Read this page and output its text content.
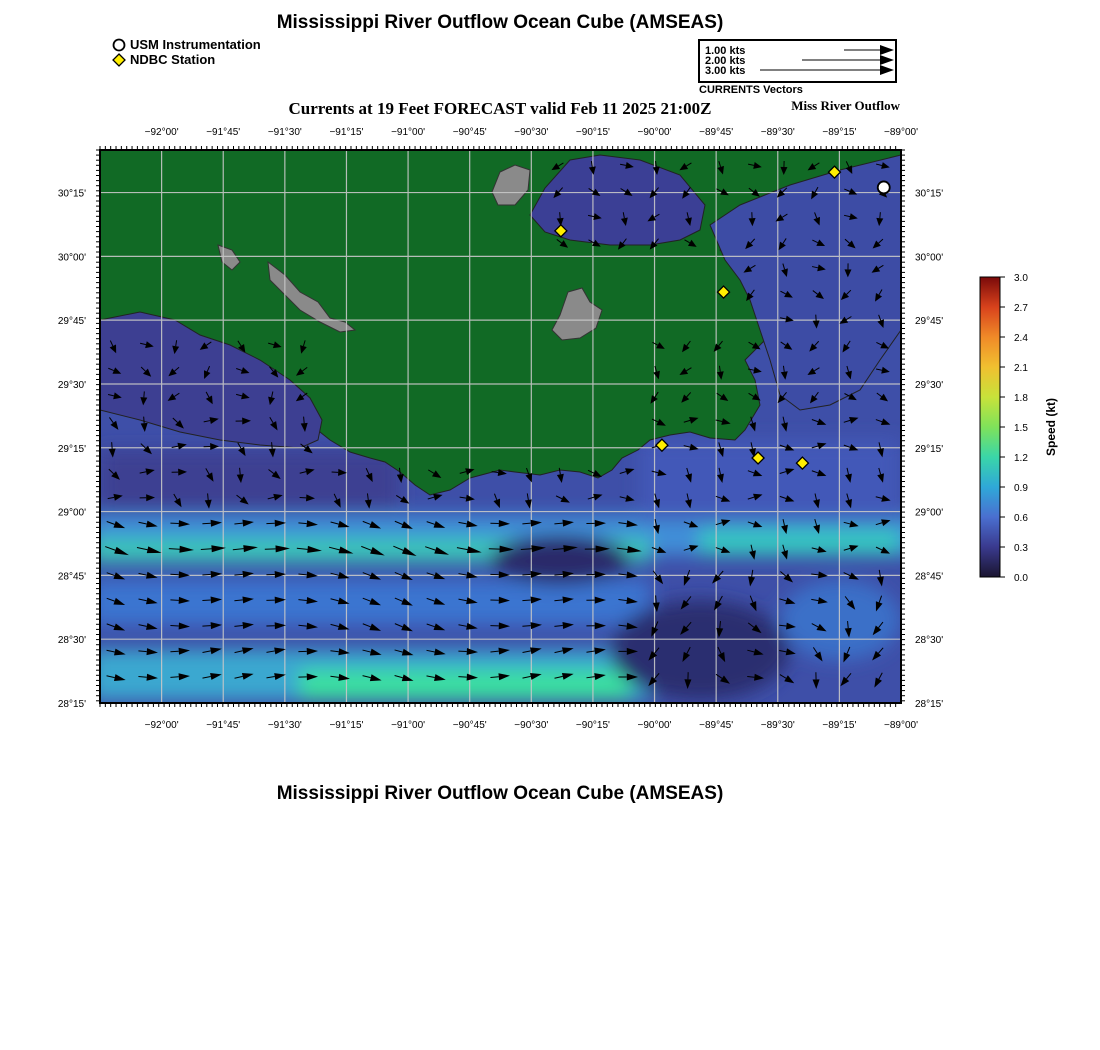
Mississippi River Outflow Ocean Cube (AMSEAS)
USM Instrumentation
NDBC Station
1.00 kts
2.00 kts
3.00 kts
CURRENTS Vectors
Currents at 19 Feet FORECAST valid Feb 11 2025 21:00Z	Miss River Outflow
−92°00'
−92°00'
−91°45'
−91°45'
−91°30'
−91°30'
−91°15'
−91°15'
−91°00'
−91°00'
−90°45'
−90°45'
−90°30'
−90°30'
−90°15'
−90°15'
−90°00'
−90°00'
−89°45'
−89°45'
−89°30'
−89°30'
−89°15'
−89°15'
−89°00'
−89°00'
30°15'	30°15'
30°00'	30°00'
29°45'	29°45'
29°30'	29°30'
29°15'	29°15'
29°00'	29°00'
28°45'	28°45'
28°30'	28°30'
28°15'	28°15'
3.0
2.7
2.4
2.1
1.8
1.5
1.2
0.9
0.6
0.3
0.0
Speed (kt)
Mississippi River Outflow Ocean Cube (AMSEAS)
